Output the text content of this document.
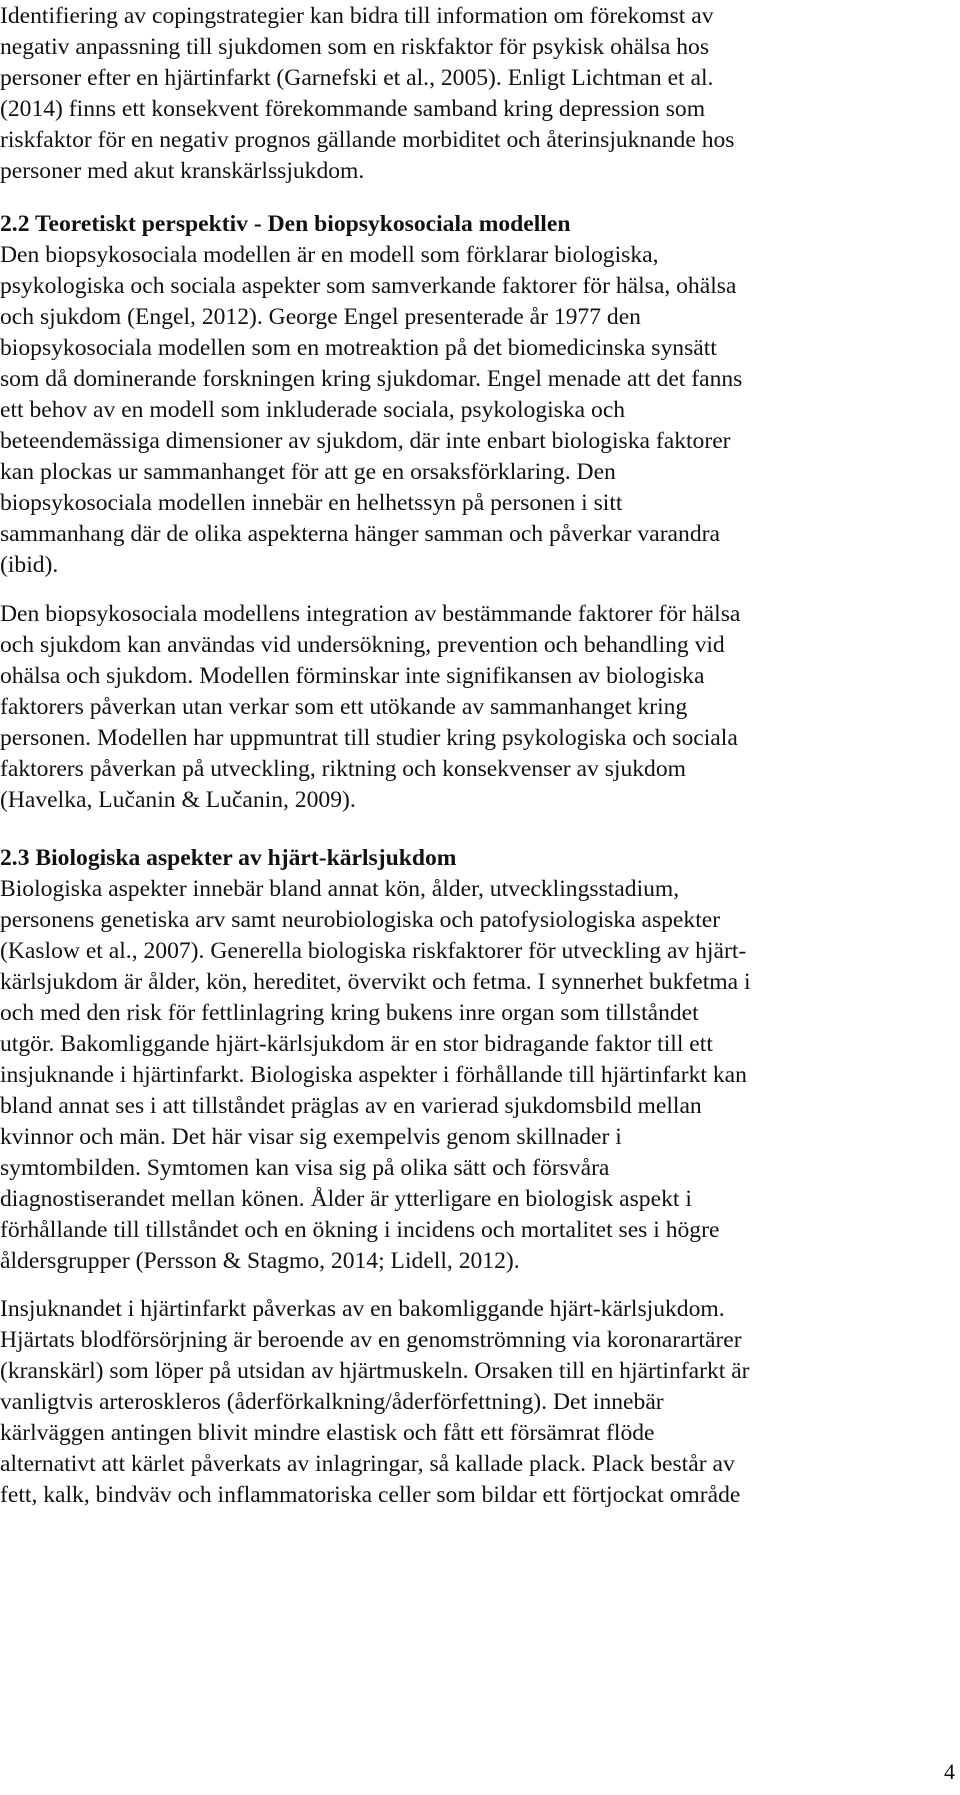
Identifiering av copingstrategier kan bidra till information om förekomst av
negativ anpassning till sjukdomen som en riskfaktor för psykisk ohälsa hos
personer efter en hjärtinfarkt (Garnefski et al., 2005). Enligt Lichtman et al.
(2014) finns ett konsekvent förekommande samband kring depression som
riskfaktor för en negativ prognos gällande morbiditet och återinsjuknande hos
personer med akut kranskärlssjukdom.
2.2 Teoretiskt perspektiv - Den biopsykosociala modellen
Den biopsykosociala modellen är en modell som förklarar biologiska,
psykologiska och sociala aspekter som samverkande faktorer för hälsa, ohälsa
och sjukdom (Engel, 2012). George Engel presenterade år 1977 den
biopsykosociala modellen som en motreaktion på det biomedicinska synsätt
som då dominerande forskningen kring sjukdomar. Engel menade att det fanns
ett behov av en modell som inkluderade sociala, psykologiska och
beteendemässiga dimensioner av sjukdom, där inte enbart biologiska faktorer
kan plockas ur sammanhanget för att ge en orsaksförklaring. Den
biopsykosociala modellen innebär en helhetssyn på personen i sitt
sammanhang där de olika aspekterna hänger samman och påverkar varandra
(ibid).
Den biopsykosociala modellens integration av bestämmande faktorer för hälsa
och sjukdom kan användas vid undersökning, prevention och behandling vid
ohälsa och sjukdom. Modellen förminskar inte signifikansen av biologiska
faktorers påverkan utan verkar som ett utökande av sammanhanget kring
personen. Modellen har uppmuntrat till studier kring psykologiska och sociala
faktorers påverkan på utveckling, riktning och konsekvenser av sjukdom
(Havelka, Lučanin & Lučanin, 2009).
2.3 Biologiska aspekter av hjärt-kärlsjukdom
Biologiska aspekter innebär bland annat kön, ålder, utvecklingsstadium,
personens genetiska arv samt neurobiologiska och patofysiologiska aspekter
(Kaslow et al., 2007). Generella biologiska riskfaktorer för utveckling av hjärt-
kärlsjukdom är ålder, kön, hereditet, övervikt och fetma. I synnerhet bukfetma i
och med den risk för fettlinlagring kring bukens inre organ som tillståndet
utgör. Bakomliggande hjärt-kärlsjukdom är en stor bidragande faktor till ett
insjuknande i hjärtinfarkt. Biologiska aspekter i förhållande till hjärtinfarkt kan
bland annat ses i att tillståndet präglas av en varierad sjukdomsbild mellan
kvinnor och män. Det här visar sig exempelvis genom skillnader i
symtombilden. Symtomen kan visa sig på olika sätt och försvåra
diagnostiserandet mellan könen. Ålder är ytterligare en biologisk aspekt i
förhållande till tillståndet och en ökning i incidens och mortalitet ses i högre
åldersgrupper (Persson & Stagmo, 2014; Lidell, 2012).
Insjuknandet i hjärtinfarkt påverkas av en bakomliggande hjärt-kärlsjukdom.
Hjärtats blodförsörjning är beroende av en genomströmning via koronarartärer
(kranskärl) som löper på utsidan av hjärtmuskeln. Orsaken till en hjärtinfarkt är
vanligtvis arteroskleros (åderförkalkning/åderförfettning). Det innebär
kärlväggen antingen blivit mindre elastisk och fått ett försämrat flöde
alternativt att kärlet påverkats av inlagringar, så kallade plack. Plack består av
fett, kalk, bindväv och inflammatoriska celler som bildar ett förtjockat område
4
